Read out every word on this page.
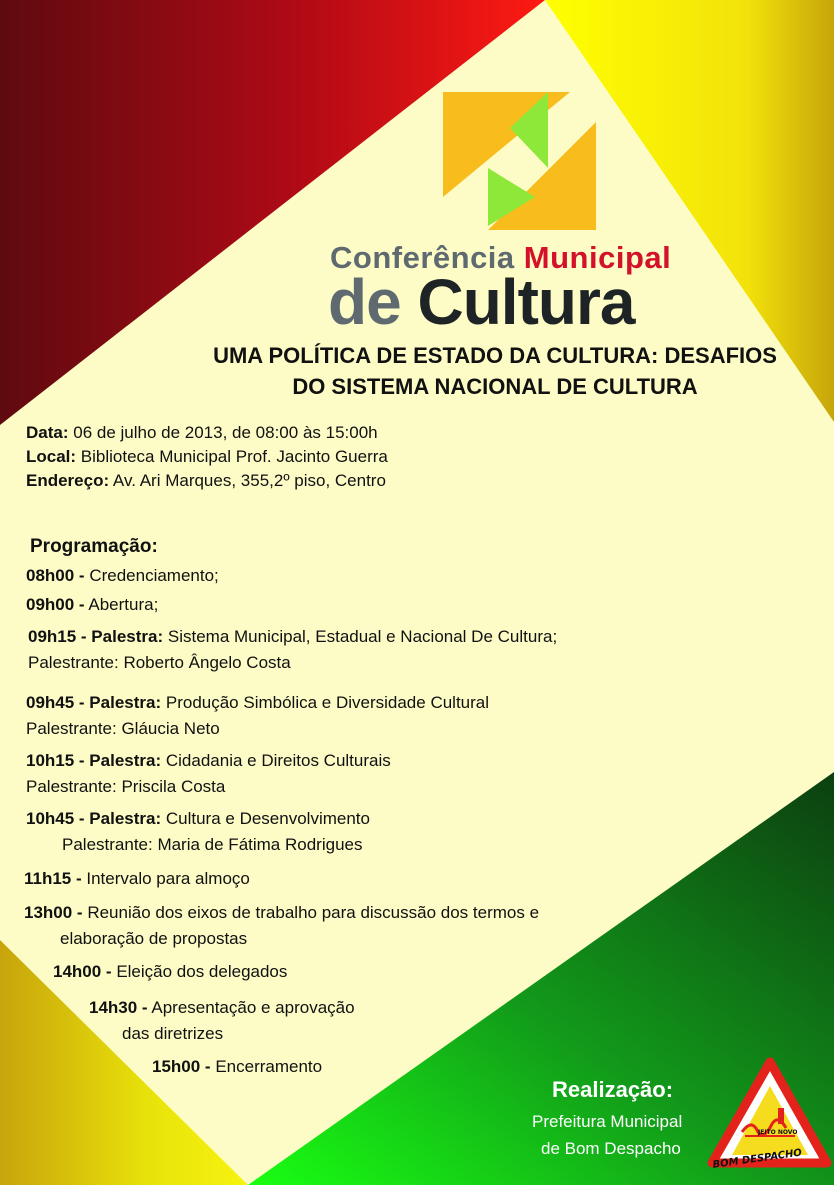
Conferência Municipal
de Cultura
UMA POLÍTICA DE ESTADO DA CULTURA: DESAFIOS
DO SISTEMA NACIONAL DE CULTURA
Data: 06 de julho de 2013, de 08:00 às 15:00h
Local: Biblioteca Municipal Prof. Jacinto Guerra
Endereço: Av. Ari Marques, 355,2º piso, Centro
Programação:
08h00 - Credenciamento;
09h00 - Abertura;
09h15 - Palestra: Sistema Municipal, Estadual e Nacional De Cultura;
Palestrante: Roberto Ângelo Costa
09h45 - Palestra: Produção Simbólica e Diversidade Cultural
Palestrante: Gláucia Neto
10h15 - Palestra: Cidadania e Direitos Culturais
Palestrante: Priscila Costa
10h45 - Palestra: Cultura e Desenvolvimento
Palestrante: Maria de Fátima Rodrigues
11h15 - Intervalo para almoço
13h00 - Reunião dos eixos de trabalho para discussão dos termos e
elaboração de propostas
14h00 - Eleição dos delegados
14h30 - Apresentação e aprovação
das diretrizes
15h00 - Encerramento
Realização:
Prefeitura Municipal
de Bom Despacho
JEITO NOVO
BOM DESPACHO
